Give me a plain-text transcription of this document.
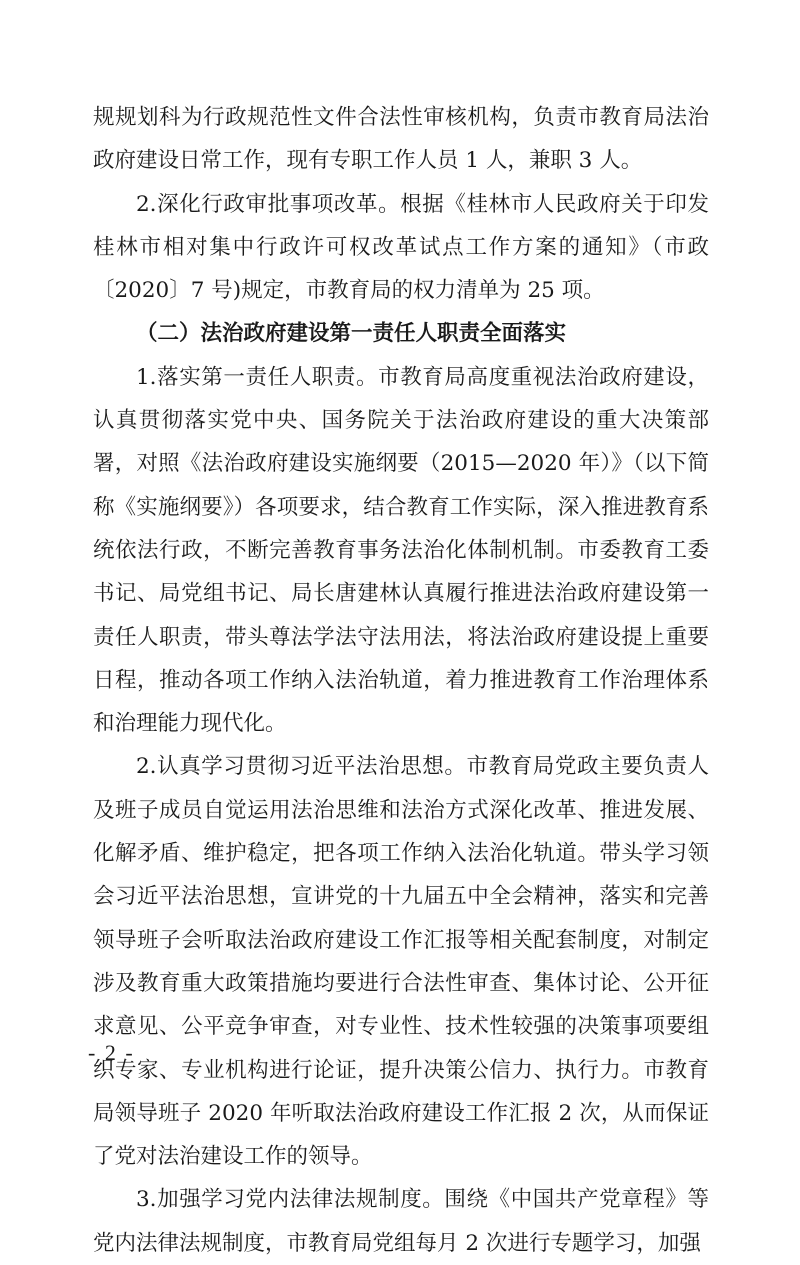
规规划科为行政规范性文件合法性审核机构，负责市教育局法治政府建设日常工作，现有专职工作人员 1 人，兼职 3 人。

2.深化行政审批事项改革。根据《桂林市人民政府关于印发桂林市相对集中行政许可权改革试点工作方案的通知》（市政〔2020〕7 号)规定，市教育局的权力清单为 25 项。

（二）法治政府建设第一责任人职责全面落实

1.落实第一责任人职责。市教育局高度重视法治政府建设，认真贯彻落实党中央、国务院关于法治政府建设的重大决策部署，对照《法治政府建设实施纲要（2015—2020 年）》（以下简称《实施纲要》）各项要求，结合教育工作实际，深入推进教育系统依法行政，不断完善教育事务法治化体制机制。市委教育工委书记、局党组书记、局长唐建林认真履行推进法治政府建设第一责任人职责，带头尊法学法守法用法，将法治政府建设提上重要日程，推动各项工作纳入法治轨道，着力推进教育工作治理体系和治理能力现代化。

2.认真学习贯彻习近平法治思想。市教育局党政主要负责人及班子成员自觉运用法治思维和法治方式深化改革、推进发展、化解矛盾、维护稳定，把各项工作纳入法治化轨道。带头学习领会习近平法治思想，宣讲党的十九届五中全会精神，落实和完善领导班子会听取法治政府建设工作汇报等相关配套制度，对制定涉及教育重大政策措施均要进行合法性审查、集体讨论、公开征求意见、公平竞争审查，对专业性、技术性较强的决策事项要组织专家、专业机构进行论证，提升决策公信力、执行力。市教育局领导班子 2020 年听取法治政府建设工作汇报 2 次，从而保证了党对法治建设工作的领导。

3.加强学习党内法律法规制度。围绕《中国共产党章程》等党内法律法规制度，市教育局党组每月 2 次进行专题学习，加强

- 2 -
